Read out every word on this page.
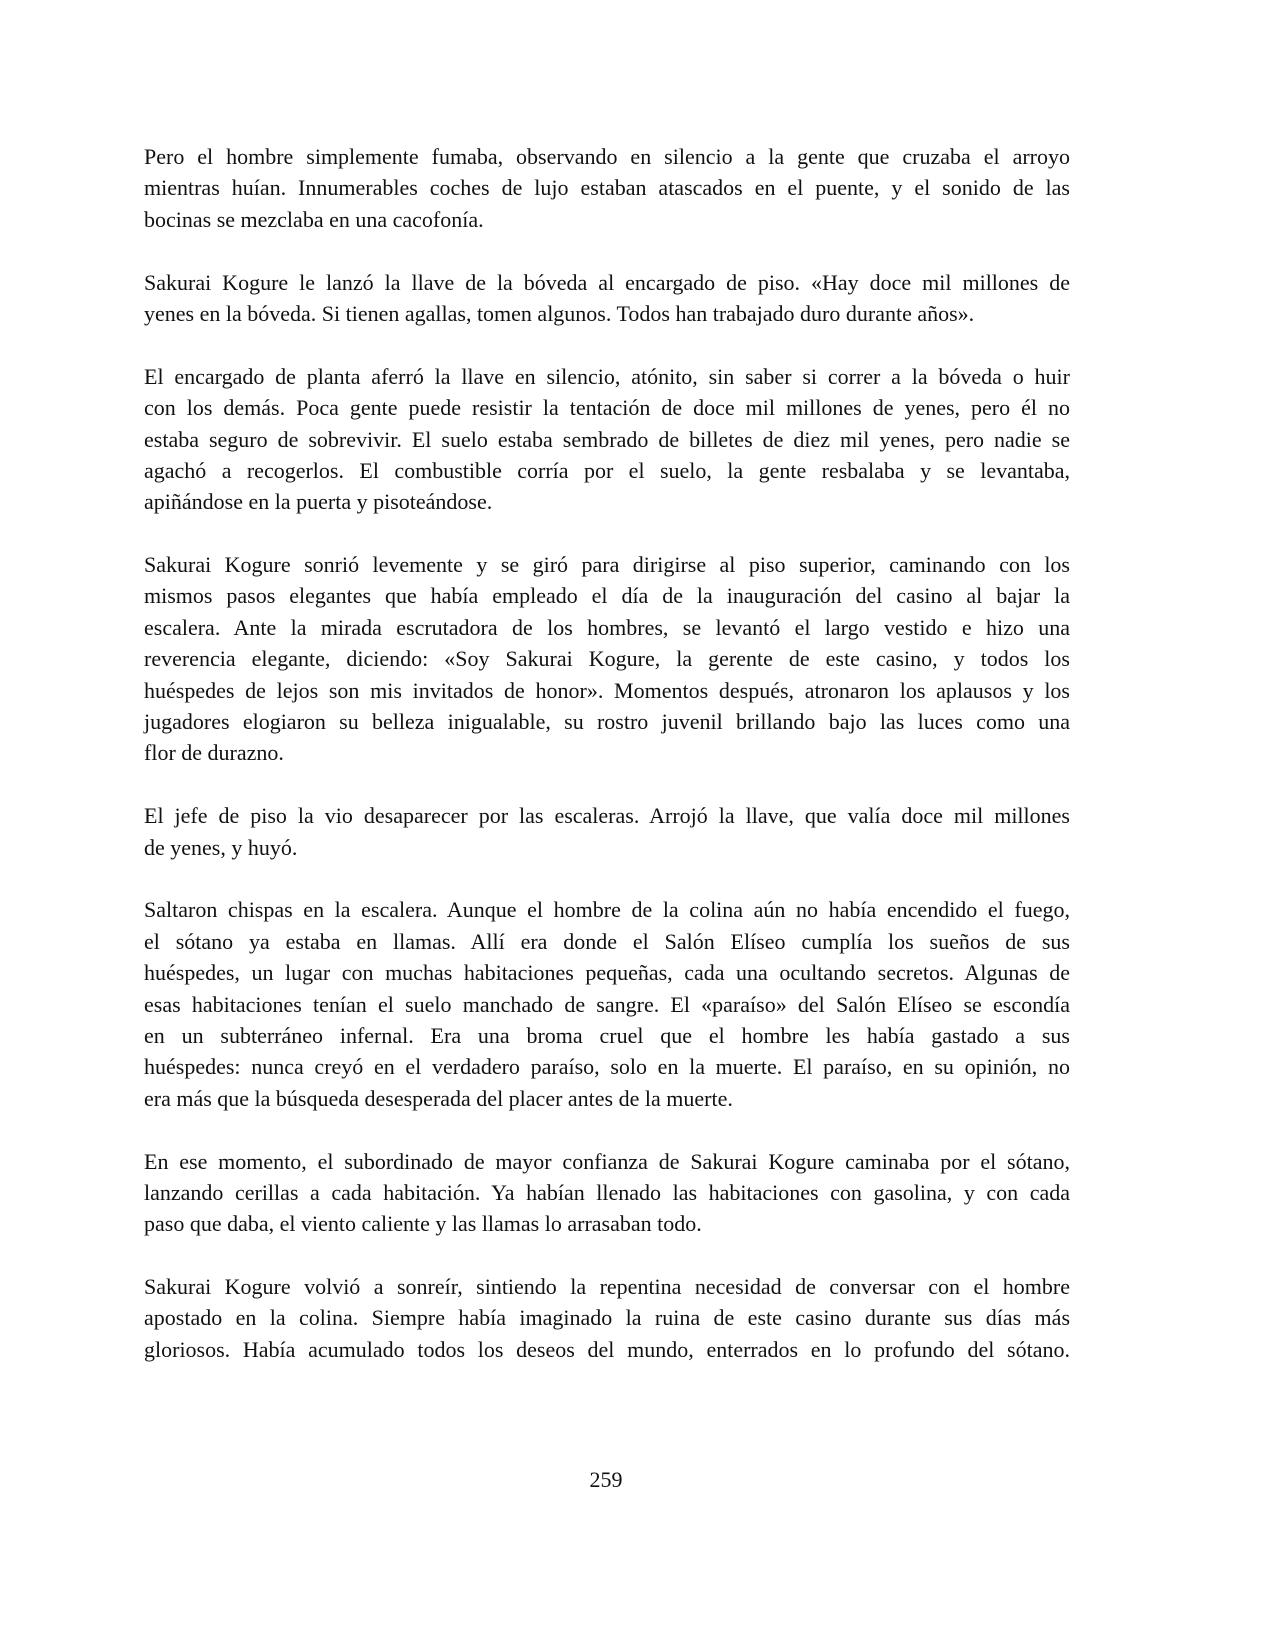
Pero el hombre simplemente fumaba, observando en silencio a la gente que cruzaba el arroyo
mientras huían. Innumerables coches de lujo estaban atascados en el puente, y el sonido de las
bocinas se mezclaba en una cacofonía.
Sakurai Kogure le lanzó la llave de la bóveda al encargado de piso. «Hay doce mil millones de
yenes en la bóveda. Si tienen agallas, tomen algunos. Todos han trabajado duro durante años».
El encargado de planta aferró la llave en silencio, atónito, sin saber si correr a la bóveda o huir
con los demás. Poca gente puede resistir la tentación de doce mil millones de yenes, pero él no
estaba seguro de sobrevivir. El suelo estaba sembrado de billetes de diez mil yenes, pero nadie se
agachó a recogerlos. El combustible corría por el suelo, la gente resbalaba y se levantaba,
apiñándose en la puerta y pisoteándose.
Sakurai Kogure sonrió levemente y se giró para dirigirse al piso superior, caminando con los
mismos pasos elegantes que había empleado el día de la inauguración del casino al bajar la
escalera. Ante la mirada escrutadora de los hombres, se levantó el largo vestido e hizo una
reverencia elegante, diciendo: «Soy Sakurai Kogure, la gerente de este casino, y todos los
huéspedes de lejos son mis invitados de honor». Momentos después, atronaron los aplausos y los
jugadores elogiaron su belleza inigualable, su rostro juvenil brillando bajo las luces como una
flor de durazno.
El jefe de piso la vio desaparecer por las escaleras. Arrojó la llave, que valía doce mil millones
de yenes, y huyó.
Saltaron chispas en la escalera. Aunque el hombre de la colina aún no había encendido el fuego,
el sótano ya estaba en llamas. Allí era donde el Salón Elíseo cumplía los sueños de sus
huéspedes, un lugar con muchas habitaciones pequeñas, cada una ocultando secretos. Algunas de
esas habitaciones tenían el suelo manchado de sangre. El «paraíso» del Salón Elíseo se escondía
en un subterráneo infernal. Era una broma cruel que el hombre les había gastado a sus
huéspedes: nunca creyó en el verdadero paraíso, solo en la muerte. El paraíso, en su opinión, no
era más que la búsqueda desesperada del placer antes de la muerte.
En ese momento, el subordinado de mayor confianza de Sakurai Kogure caminaba por el sótano,
lanzando cerillas a cada habitación. Ya habían llenado las habitaciones con gasolina, y con cada
paso que daba, el viento caliente y las llamas lo arrasaban todo.
Sakurai Kogure volvió a sonreír, sintiendo la repentina necesidad de conversar con el hombre
apostado en la colina. Siempre había imaginado la ruina de este casino durante sus días más
gloriosos. Había acumulado todos los deseos del mundo, enterrados en lo profundo del sótano.
259
